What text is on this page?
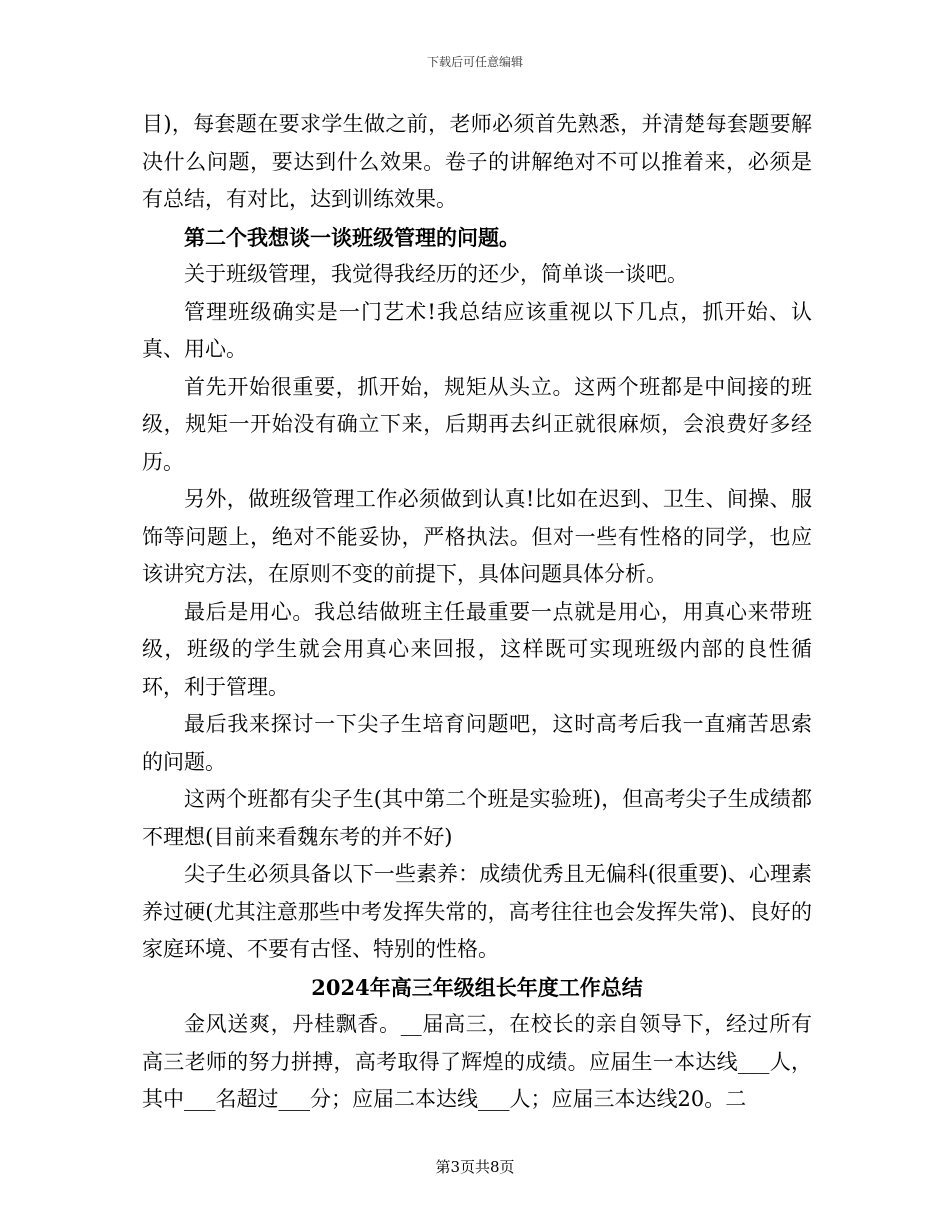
下载后可任意编辑

目)，每套题在要求学生做之前，老师必须首先熟悉，并清楚每套题要解决什么问题，要达到什么效果。卷子的讲解绝对不可以推着来，必须是有总结，有对比，达到训练效果。

第二个我想谈一谈班级管理的问题。

关于班级管理，我觉得我经历的还少，简单谈一谈吧。

管理班级确实是一门艺术!我总结应该重视以下几点，抓开始、认真、用心。

首先开始很重要，抓开始，规矩从头立。这两个班都是中间接的班级，规矩一开始没有确立下来，后期再去纠正就很麻烦，会浪费好多经历。

另外，做班级管理工作必须做到认真!比如在迟到、卫生、间操、服饰等问题上，绝对不能妥协，严格执法。但对一些有性格的同学，也应该讲究方法，在原则不变的前提下，具体问题具体分析。

最后是用心。我总结做班主任最重要一点就是用心，用真心来带班级，班级的学生就会用真心来回报，这样既可实现班级内部的良性循环，利于管理。

最后我来探讨一下尖子生培育问题吧，这时高考后我一直痛苦思索的问题。

这两个班都有尖子生(其中第二个班是实验班)，但高考尖子生成绩都不理想(目前来看魏东考的并不好)

尖子生必须具备以下一些素养：成绩优秀且无偏科(很重要)、心理素养过硬(尤其注意那些中考发挥失常的，高考往往也会发挥失常)、良好的家庭环境、不要有古怪、特别的性格。

2024年高三年级组长年度工作总结

金风送爽，丹桂飘香。__届高三，在校长的亲自领导下，经过所有高三老师的努力拼搏，高考取得了辉煌的成绩。应届生一本达线___人，其中___名超过___分；应届二本达线___人；应届三本达线20。二

第3页共8页
